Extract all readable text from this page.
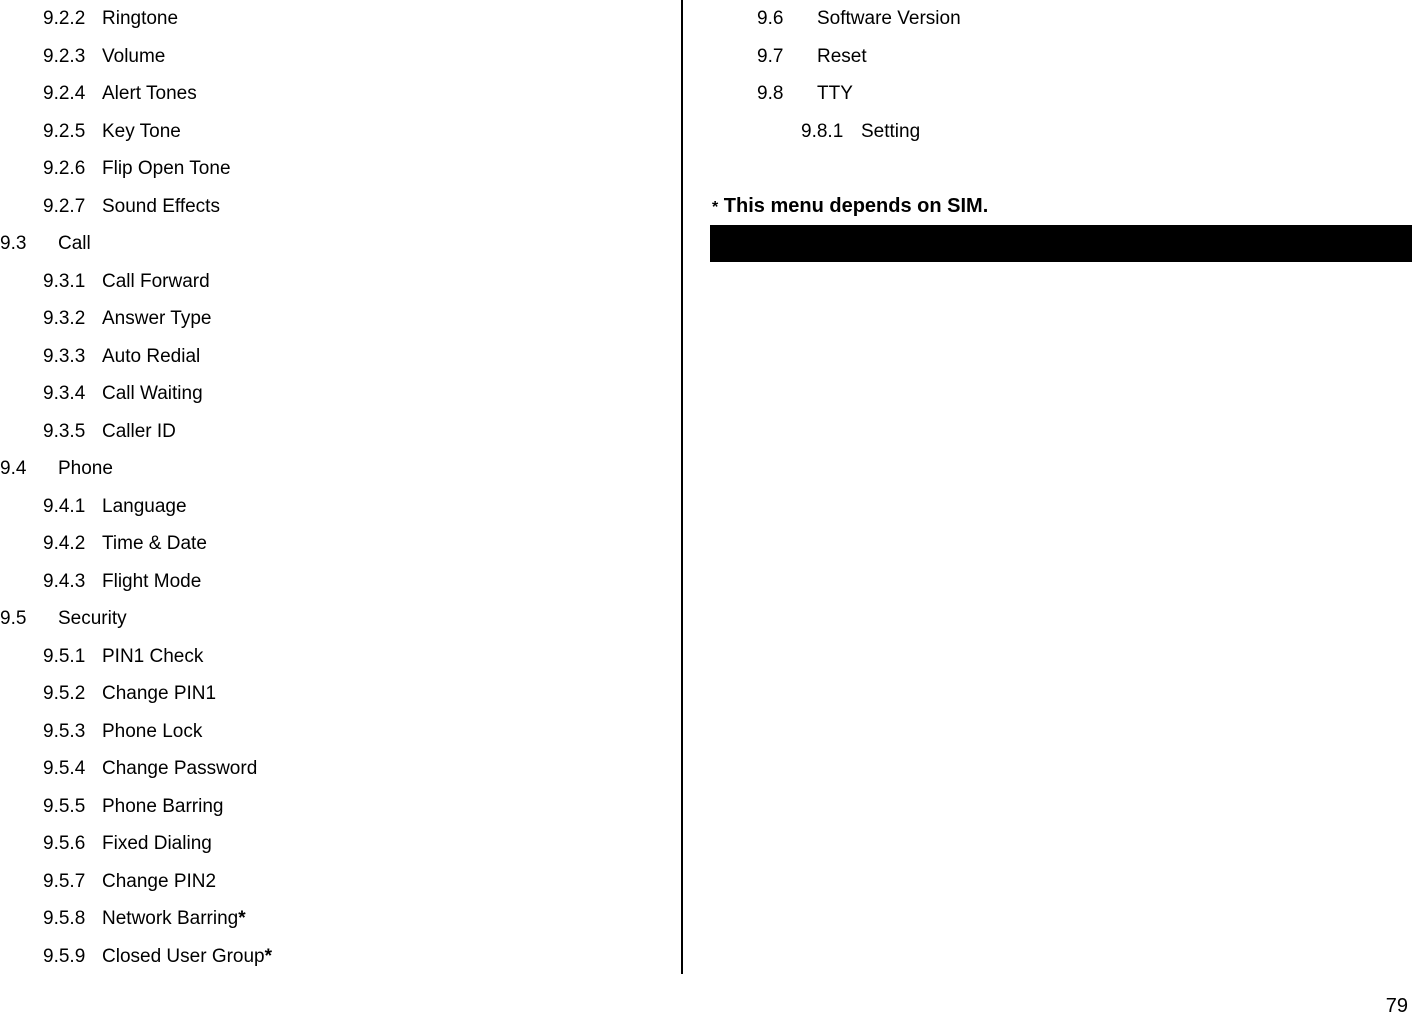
9.2.2 Ringtone
9.2.3 Volume
9.2.4 Alert Tones
9.2.5 Key Tone
9.2.6 Flip Open Tone
9.2.7 Sound Effects
9.3 Call
9.3.1 Call Forward
9.3.2 Answer Type
9.3.3 Auto Redial
9.3.4 Call Waiting
9.3.5 Caller ID
9.4 Phone
9.4.1 Language
9.4.2 Time & Date
9.4.3 Flight Mode
9.5 Security
9.5.1 PIN1 Check
9.5.2 Change PIN1
9.5.3 Phone Lock
9.5.4 Change Password
9.5.5 Phone Barring
9.5.6 Fixed Dialing
9.5.7 Change PIN2
9.5.8 Network Barring*
9.5.9 Closed User Group*
9.6 Software Version
9.7 Reset
9.8 TTY
9.8.1 Setting
* This menu depends on SIM.
79
